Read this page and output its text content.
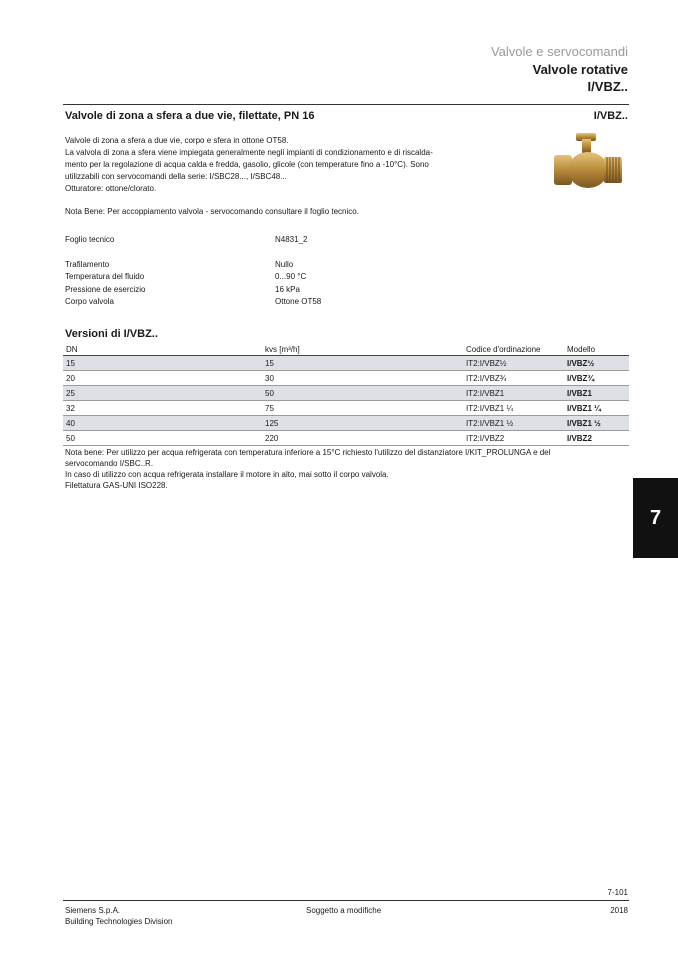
Valvole e servocomandi
Valvole rotative
I/VBZ..
Valvole di zona a sfera a due vie, filettate, PN 16	I/VBZ..

Valvole di zona a sfera a due vie, corpo e sfera in ottone OT58.

La valvola di zona a sfera viene impiegata generalmente negli impianti di condizionamento e di riscalda-

mento per la regolazione di acqua calda e fredda, gasolio, glicole (con temperature fino a -10°C). Sono

utilizzabili con servocomandi della serie: I/SBC28..., I/SBC48...

Otturatore: ottone/clorato.

Nota Bene: Per accoppiamento valvola - servocomando consultare il foglio tecnico.
Foglio tecnico	N4831_2
Trafilamento	Nullo
Temperatura del fluido	0...90 °C
Pressione de esercizio	16 kPa
Corpo valvola	Ottone OT58
Versioni di I/VBZ..
DN	kvs [m³/h]	Codice d'ordinazione	Modello
15	15	IT2:I/VBZ½	I/VBZ½
20	30	IT2:I/VBZ¾	I/VBZ¾
25	50	IT2:I/VBZ1	I/VBZ1
32	75	IT2:I/VBZ1 ¼	I/VBZ1 ¼
40	125	IT2:I/VBZ1 ½	I/VBZ1 ½
50	220	IT2:I/VBZ2	I/VBZ2

Nota bene: Per utilizzo per acqua refrigerata con temperatura inferiore a 15°C richiesto l'utilizzo del distanziatore I/KIT_PROLUNGA e del

servocomando I/SBC..R.

In caso di utilizzo con acqua refrigerata installare il motore in alto, mai sotto il corpo valvola.

Filettatura GAS-UNI ISO228.

7
7-101
Siemens S.p.A.
Building Technologies Division
Soggetto a modifiche	2018
